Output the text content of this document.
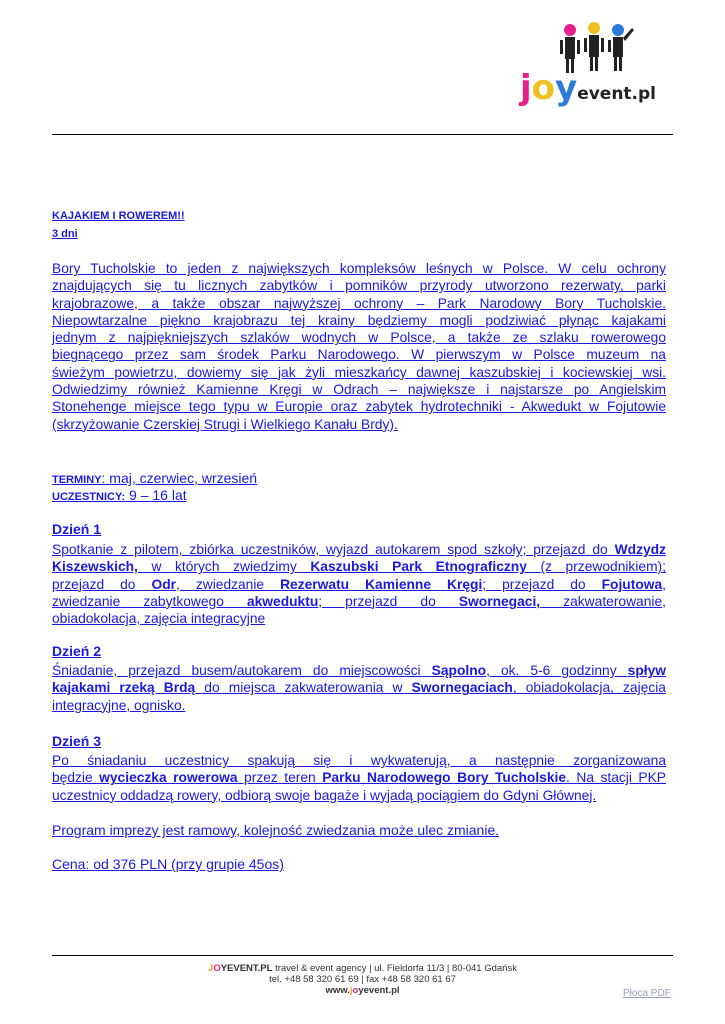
joyevent.pl
KAJAKIEM I ROWEREM!!
3 dni
Bory Tucholskie to jeden z największych kompleksów leśnych w Polsce. W celu ochrony
znajdujących się tu licznych zabytków i pomników przyrody utworzono rezerwaty, parki
krajobrazowe, a także obszar najwyższej ochrony – Park Narodowy Bory Tucholskie.
Niepowtarzalne piękno krajobrazu tej krainy będziemy mogli podziwiać płynąc kajakami
jednym z najpiękniejszych szlaków wodnych w Polsce, a także ze szlaku rowerowego
biegnącego przez sam środek Parku Narodowego. W pierwszym w Polsce muzeum na
świeżym powietrzu, dowiemy się jak żyli mieszkańcy dawnej kaszubskiej i kociewskiej wsi.
Odwiedzimy również Kamienne Kręgi w Odrach – największe i najstarsze po Angielskim
Stonehenge miejsce tego typu w Europie oraz zabytek hydrotechniki - Akwedukt w Fojutowie
(skrzyżowanie Czerskiej Strugi i Wielkiego Kanału Brdy).
TERMINY: maj, czerwiec, wrzesień
UCZESTNICY: 9 – 16 lat
Dzień 1
Spotkanie z pilotem, zbiórka uczestników, wyjazd autokarem spod szkoły; przejazd do Wdzydz
Kiszewskich, w których zwiedzimy Kaszubski Park Etnograficzny (z przewodnikiem);
przejazd do Odr, zwiedzanie Rezerwatu Kamienne Kręgi; przejazd do Fojutowa,
zwiedzanie zabytkowego akweduktu; przejazd do Swornegaci, zakwaterowanie,
obiadokolacja, zajęcia integracyjne
Dzień 2
Śniadanie, przejazd busem/autokarem do miejscowości Sąpolno, ok. 5-6 godzinny spływ
kajakami rzeką Brdą do miejsca zakwaterowania w Swornegaciach, obiadokolacja, zajęcia
integracyjne, ognisko.
Dzień 3
Po śniadaniu uczestnicy spakują się i wykwaterują, a następnie zorganizowana
będzie wycieczka rowerowa przez teren Parku Narodowego Bory Tucholskie. Na stacji PKP
uczestnicy oddadzą rowery, odbiorą swoje bagaże i wyjadą pociągiem do Gdyni Głównej.
Program imprezy jest ramowy, kolejność zwiedzania może ulec zmianie.
Cena: od 376 PLN (przy grupie 45os)
JOYEVENT.PL travel & event agency | ul. Fieldorfa 11/3 | 80-041 Gdańsk
tel. +48 58 320 61 69 | fax +48 58 320 61 67
www.joyevent.pl	Płoca PDF
